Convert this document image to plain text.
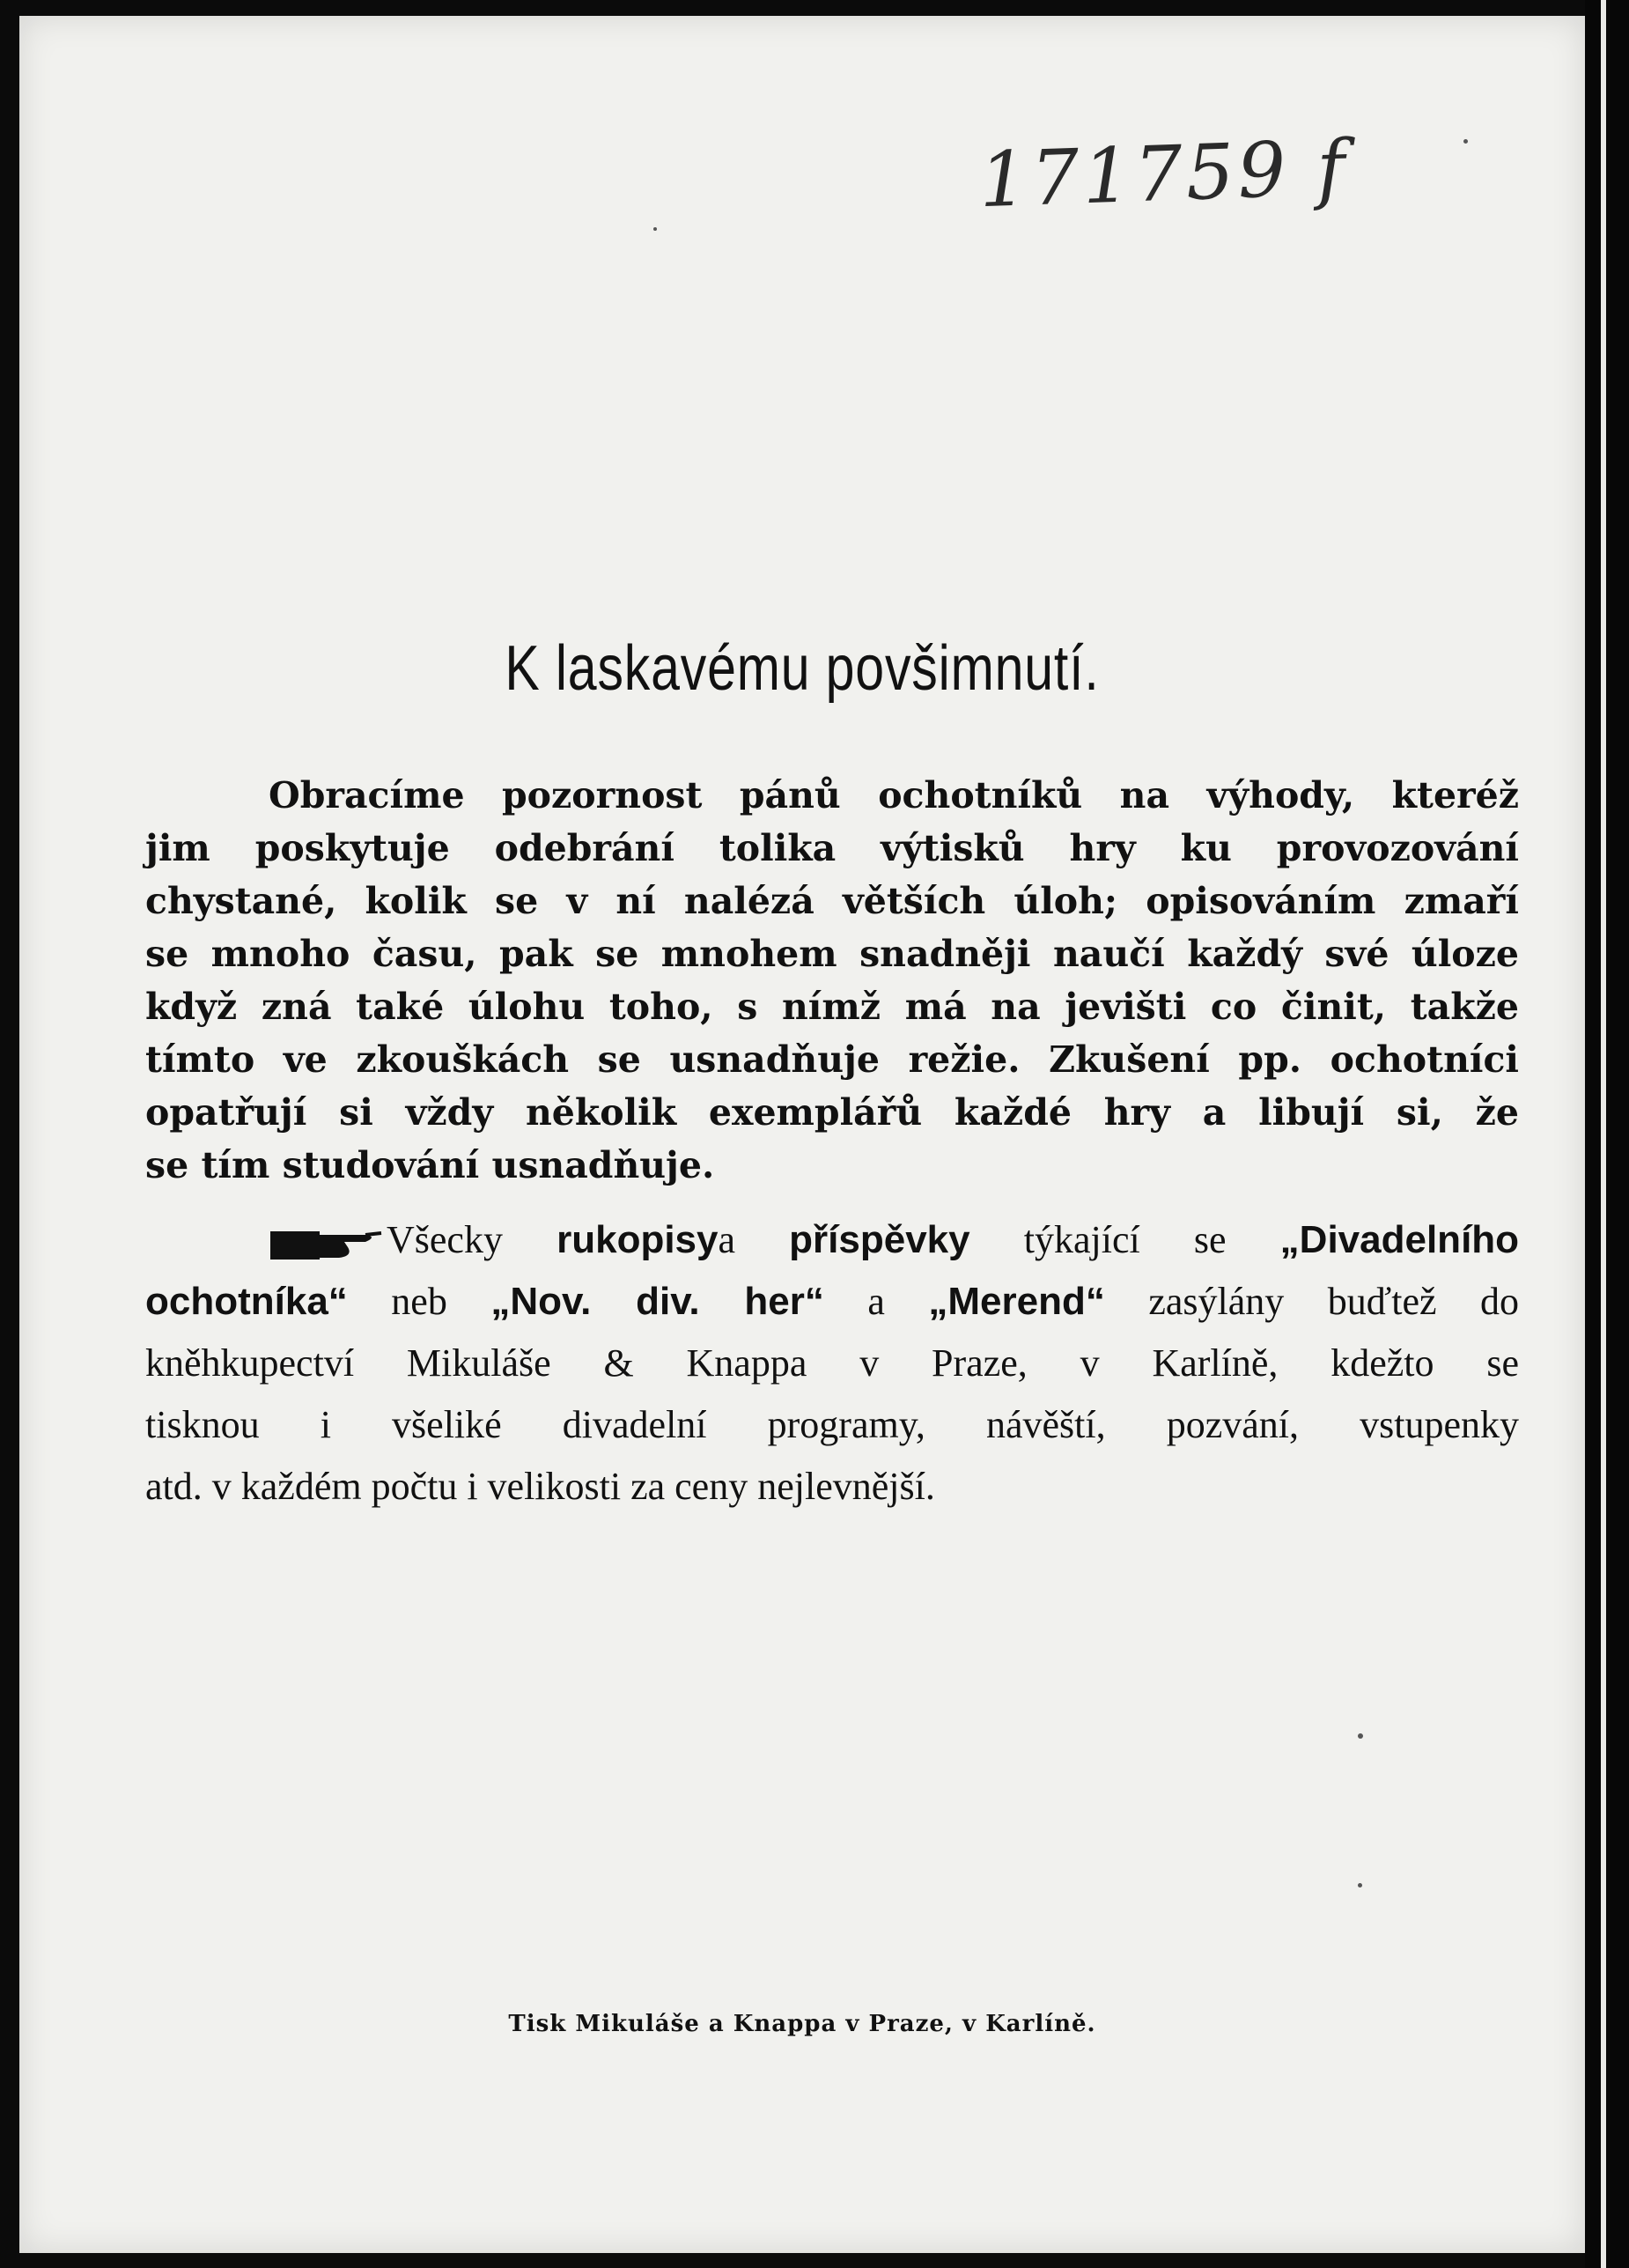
171759 f
K laskavému povšimnutí.
Obracíme pozornost pánů ochotníků na výhody, kteréž
jim poskytuje odebrání tolika výtisků hry ku provozování
chystané, kolik se v ní nalézá větších úloh; opisováním zmaří
se mnoho času, pak se mnohem snadněji naučí každý své úloze
když zná také úlohu toho, s nímž má na jevišti co činit, takže
tímto ve zkouškách se usnadňuje režie. Zkušení pp. ochotníci
opatřují si vždy několik exemplářů každé hry a libují si, že
se tím studování usnadňuje.
Všecky rukopisya příspěvky týkající se „Divadelního
ochotníka“ neb „Nov. div. her“ a „Merend“ zasýlány buďtež do
kněhkupectví Mikuláše & Knappa v Praze, v Karlíně, kdežto se
tisknou i všeliké divadelní programy, návěští, pozvání, vstupenky
atd. v každém počtu i velikosti za ceny nejlevnější.
Tisk Mikuláše a Knappa v Praze, v Karlíně.
